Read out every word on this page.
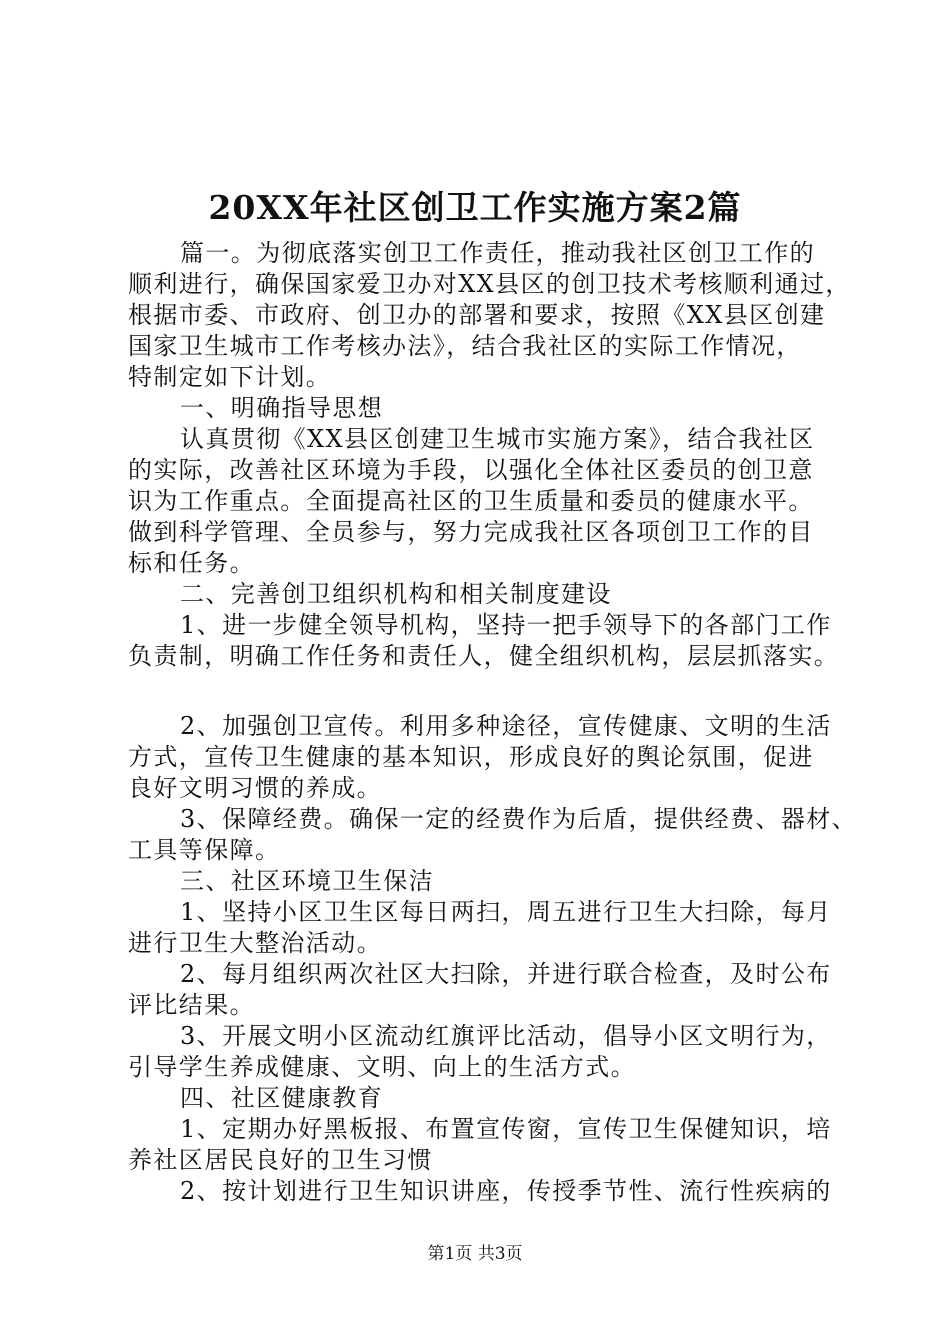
20XX年社区创卫工作实施方案2篇
篇一。为彻底落实创卫工作责任，推动我社区创卫工作的
顺利进行，确保国家爱卫办对XX县区的创卫技术考核顺利通过，
根据市委、市政府、创卫办的部署和要求，按照《XX县区创建
国家卫生城市工作考核办法》，结合我社区的实际工作情况，
特制定如下计划。
一、明确指导思想
认真贯彻《XX县区创建卫生城市实施方案》，结合我社区
的实际，改善社区环境为手段，以强化全体社区委员的创卫意
识为工作重点。全面提高社区的卫生质量和委员的健康水平。
做到科学管理、全员参与，努力完成我社区各项创卫工作的目
标和任务。
二、完善创卫组织机构和相关制度建设
1、进一步健全领导机构，坚持一把手领导下的各部门工作
负责制，明确工作任务和责任人，健全组织机构，层层抓落实。
2、加强创卫宣传。利用多种途径，宣传健康、文明的生活
方式，宣传卫生健康的基本知识，形成良好的舆论氛围，促进
良好文明习惯的养成。
3、保障经费。确保一定的经费作为后盾，提供经费、器材、
工具等保障。
三、社区环境卫生保洁
1、坚持小区卫生区每日两扫，周五进行卫生大扫除，每月
进行卫生大整治活动。
2、每月组织两次社区大扫除，并进行联合检查，及时公布
评比结果。
3、开展文明小区流动红旗评比活动，倡导小区文明行为，
引导学生养成健康、文明、向上的生活方式。
四、社区健康教育
1、定期办好黑板报、布置宣传窗，宣传卫生保健知识，培
养社区居民良好的卫生习惯
2、按计划进行卫生知识讲座，传授季节性、流行性疾病的
第1页 共3页
